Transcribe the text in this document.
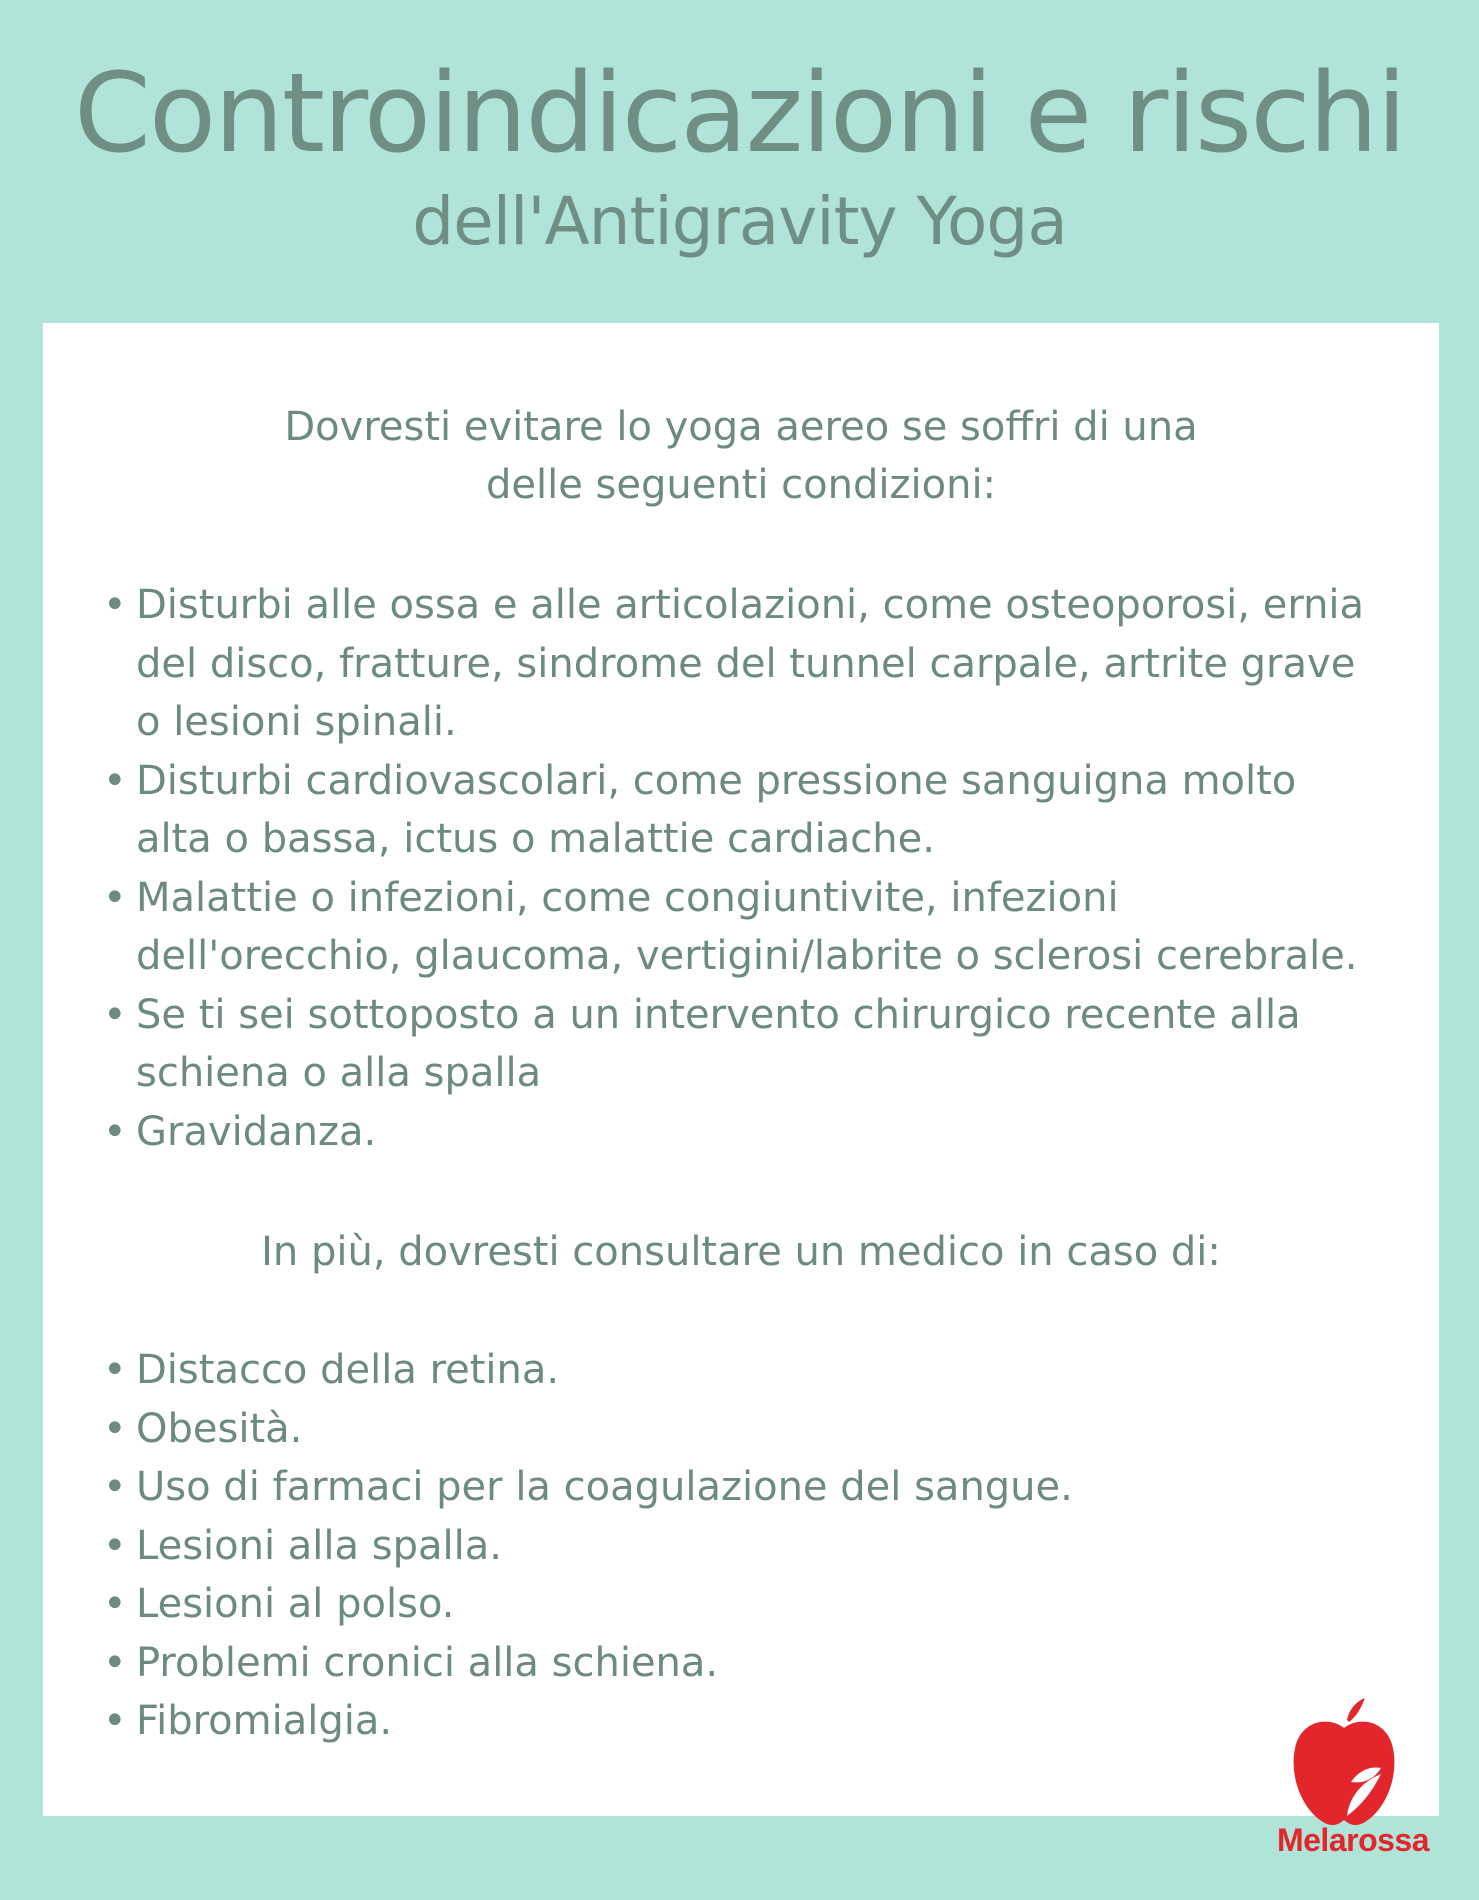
Controindicazioni e rischi
dell'Antigravity Yoga
Dovresti evitare lo yoga aereo se soffri di una
delle seguenti condizioni:
• Disturbi alle ossa e alle articolazioni, come osteoporosi, ernia del disco, fratture, sindrome del tunnel carpale, artrite grave o lesioni spinali.
• Disturbi cardiovascolari, come pressione sanguigna molto alta o bassa, ictus o malattie cardiache.
• Malattie o infezioni, come congiuntivite, infezioni dell'orecchio, glaucoma, vertigini/labrite o sclerosi cerebrale.
• Se ti sei sottoposto a un intervento chirurgico recente alla schiena o alla spalla
• Gravidanza.
In più, dovresti consultare un medico in caso di:
• Distacco della retina.
• Obesità.
• Uso di farmaci per la coagulazione del sangue.
• Lesioni alla spalla.
• Lesioni al polso.
• Problemi cronici alla schiena.
• Fibromialgia.
Melarossa
